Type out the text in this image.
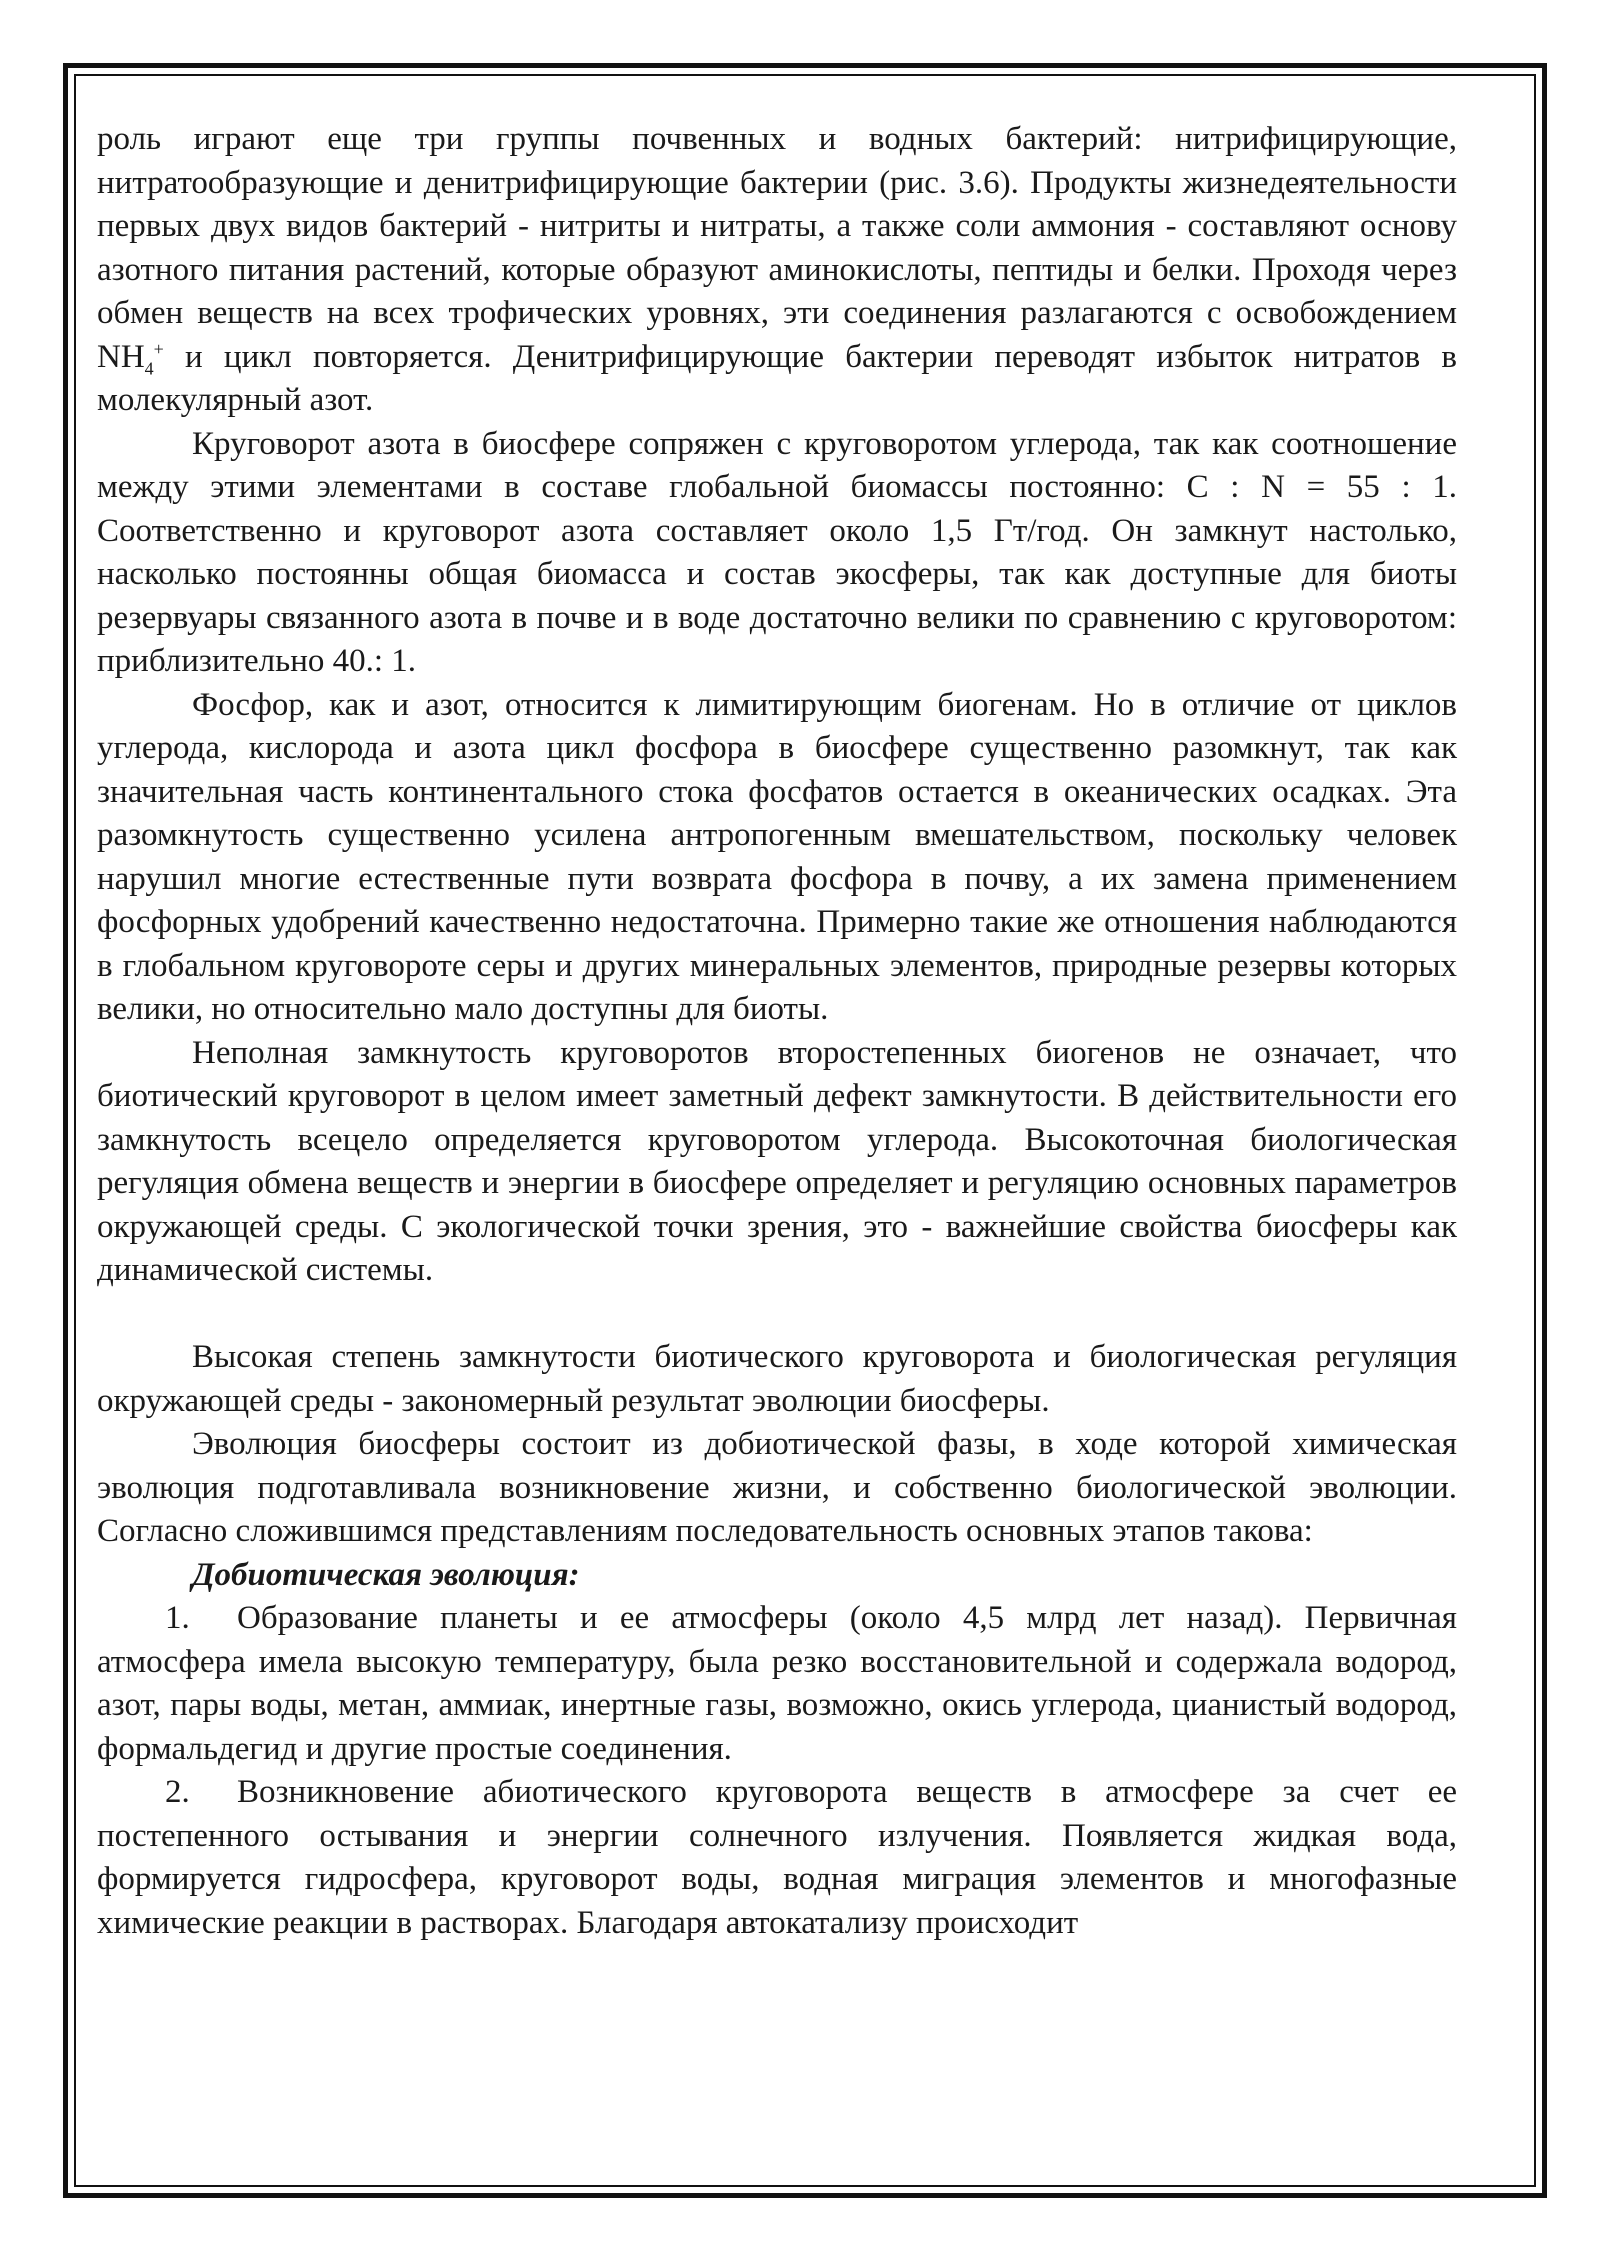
роль играют еще три группы почвенных и водных бактерий: нитрифицирующие, нитратообразующие и денитрифицирующие бактерии (рис. 3.6). Продукты жизнедеятельности первых двух видов бактерий - нитриты и нитраты, а также соли аммония - составляют основу азотного питания растений, которые образуют аминокислоты, пептиды и белки. Проходя через обмен веществ на всех трофических уровнях, эти соединения разлагаются с освобождением $NH_4^+$ и цикл повторяется. Денитрифицирующие бактерии переводят избыток нитратов в молекулярный азот.

Круговорот азота в биосфере сопряжен с круговоротом углерода, так как соотношение между этими элементами в составе глобальной биомассы постоянно: C : N = 55 : 1. Соответственно и круговорот азота составляет около 1,5 Гт/год. Он замкнут настолько, насколько постоянны общая биомасса и состав экосферы, так как доступные для биоты резервуары связанного азота в почве и в воде достаточно велики по сравнению с круговоротом: приблизительно 40.: 1.

Фосфор, как и азот, относится к лимитирующим биогенам. Но в отличие от циклов углерода, кислорода и азота цикл фосфора в биосфере существенно разомкнут, так как значительная часть континентального стока фосфатов остается в океанических осадках. Эта разомкнутость существенно усилена антропогенным вмешательством, поскольку человек нарушил многие естественные пути возврата фосфора в почву, а их замена применением фосфорных удобрений качественно недостаточна. Примерно такие же отношения наблюдаются в глобальном круговороте серы и других минеральных элементов, природные резервы которых велики, но относительно мало доступны для биоты.

Неполная замкнутость круговоротов второстепенных биогенов не означает, что биотический круговорот в целом имеет заметный дефект замкнутости. В действительности его замкнутость всецело определяется круговоротом углерода. Высокоточная биологическая регуляция обмена веществ и энергии в биосфере определяет и регуляцию основных параметров окружающей среды. С экологической точки зрения, это - важнейшие свойства биосферы как динамической системы.

Высокая степень замкнутости биотического круговорота и биологическая регуляция окружающей среды - закономерный результат эволюции биосферы.

Эволюция биосферы состоит из добиотической фазы, в ходе которой химическая эволюция подготавливала возникновение жизни, и собственно биологической эволюции. Согласно сложившимся представлениям последовательность основных этапов такова:

Добиотическая эволюция:

1. Образование планеты и ее атмосферы (около 4,5 млрд лет назад). Первичная атмосфера имела высокую температуру, была резко восстановительной и содержала водород, азот, пары воды, метан, аммиак, инертные газы, возможно, окись углерода, цианистый водород, формальдегид и другие простые соединения.

2. Возникновение абиотического круговорота веществ в атмосфере за счет ее постепенного остывания и энергии солнечного излучения. Появляется жидкая вода, формируется гидросфера, круговорот воды, водная миграция элементов и многофазные химические реакции в растворах. Благодаря автокатализу происходит
